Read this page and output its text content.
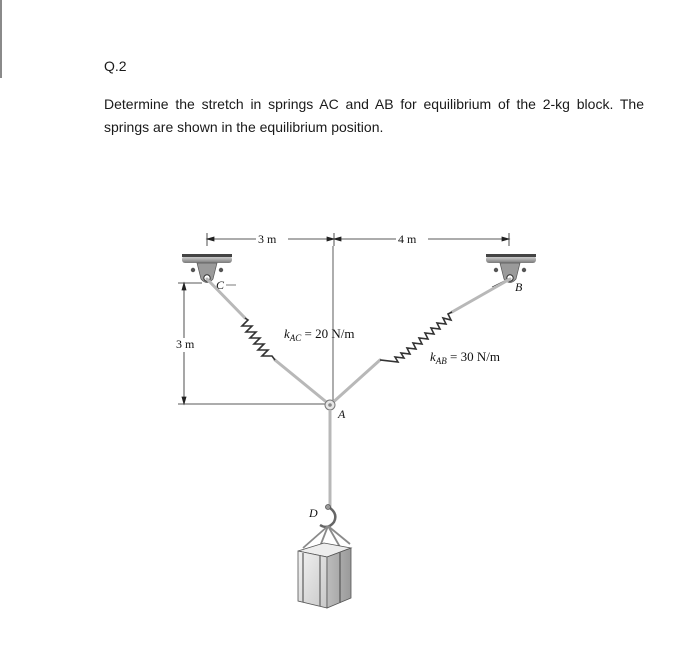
Q.2
Determine the stretch in springs AC and AB for equilibrium of the 2-kg block. The springs are shown in the equilibrium position.
3 m	4 m
3 m
C	B
$k_{AC} = 20$ N/m
$k_{AB} = 30$ N/m
A
D
